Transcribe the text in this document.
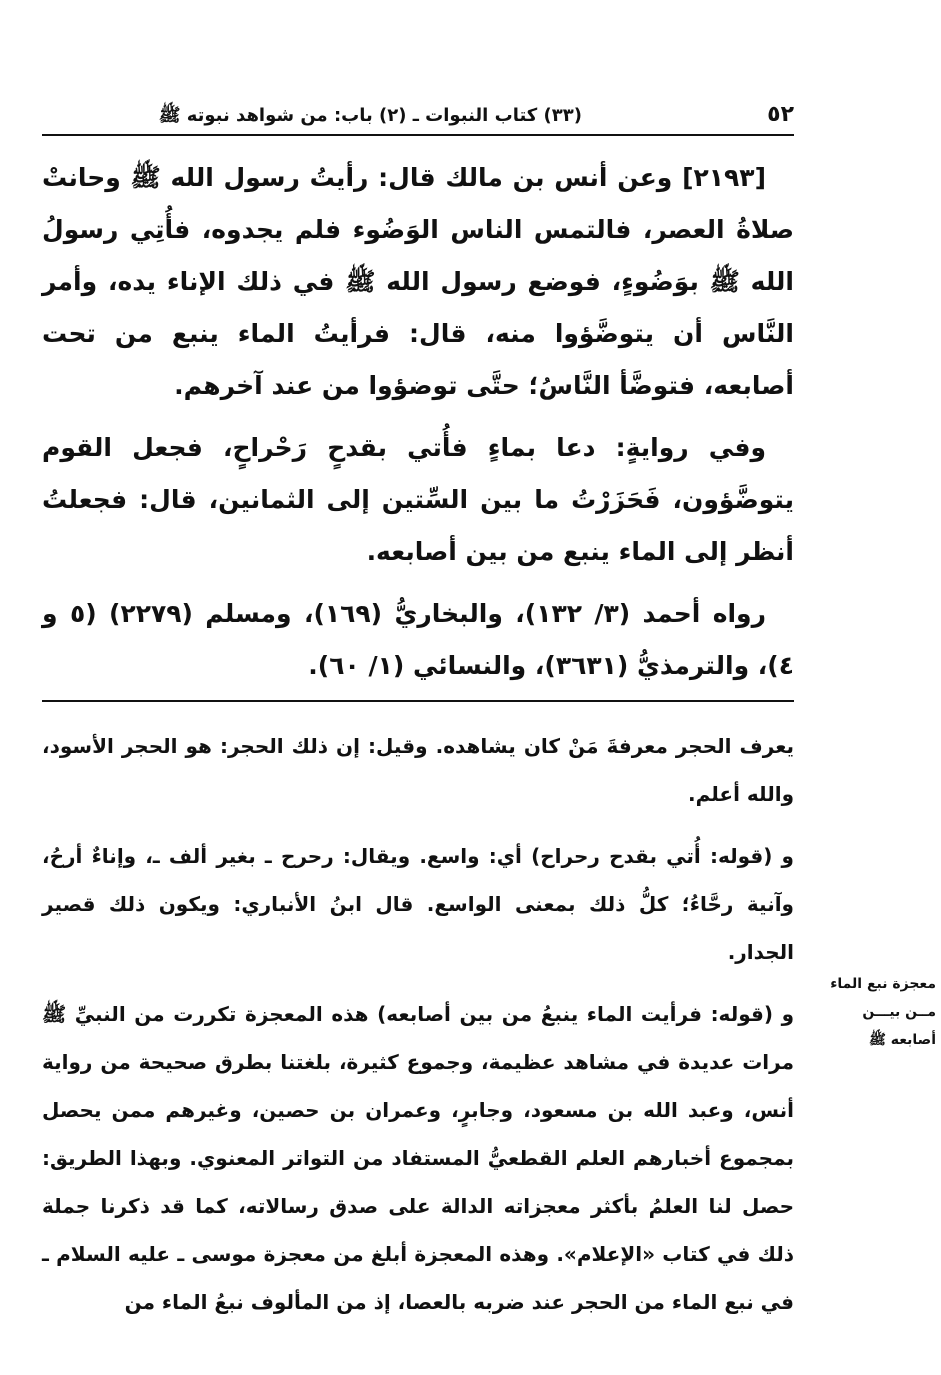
٥٢
(٣٣) كتاب النبوات ـ (٢) باب: من شواهد نبوته ﷺ

[٢١٩٣] وعن أنس بن مالك قال: رأيتُ رسول الله ﷺ وحانتْ صلاةُ العصر، فالتمس الناس الوَضُوء فلم يجدوه، فأُتِي رسولُ الله ﷺ بوَضُوءٍ، فوضع رسول الله ﷺ في ذلك الإناء يده، وأمر النَّاس أن يتوضَّؤوا منه، قال: فرأيتُ الماء ينبع من تحت أصابعه، فتوضَّأ النَّاسُ؛ حتَّى توضؤوا من عند آخرهم.

وفي روايةٍ: دعا بماءٍ فأُتي بقدحٍ رَحْراحٍ، فجعل القوم يتوضَّؤون، فَحَزَرْتُ ما بين السِّتين إلى الثمانين، قال: فجعلتُ أنظر إلى الماء ينبع من بين أصابعه.

رواه أحمد (٣/ ١٣٢)، والبخاريُّ (١٦٩)، ومسلم (٢٢٧٩) (٥ و ٤)، والترمذيُّ (٣٦٣١)، والنسائي (١/ ٦٠).

يعرف الحجر معرفةَ مَنْ كان يشاهده. وقيل: إن ذلك الحجر: هو الحجر الأسود، والله أعلم.

و (قوله: أُتي بقدح رحراح) أي: واسع. ويقال: رحرح ـ بغير ألف ـ، وإناءٌ أرحُ، وآنية رحَّاءُ؛ كلُّ ذلك بمعنى الواسع. قال ابنُ الأنباري: ويكون ذلك قصير الجدار.

و (قوله: فرأيت الماء ينبعُ من بين أصابعه) هذه المعجزة تكررت من النبيِّ ﷺ مرات عديدة في مشاهد عظيمة، وجموع كثيرة، بلغتنا بطرق صحيحة من رواية أنس، وعبد الله بن مسعود، وجابرٍ، وعمران بن حصين، وغيرهم ممن يحصل بمجموع أخبارهم العلم القطعيُّ المستفاد من التواتر المعنوي. وبهذا الطريق: حصل لنا العلمُ بأكثر معجزاته الدالة على صدق رسالاته، كما قد ذكرنا جملة ذلك في كتاب «الإعلام». وهذه المعجزة أبلغ من معجزة موسى ـ عليه السلام ـ في نبع الماء من الحجر عند ضربه بالعصا، إذ من المألوف نبعُ الماء من

معجزة نبع الماء
مــن بيـــن
أصابعه ﷺ
